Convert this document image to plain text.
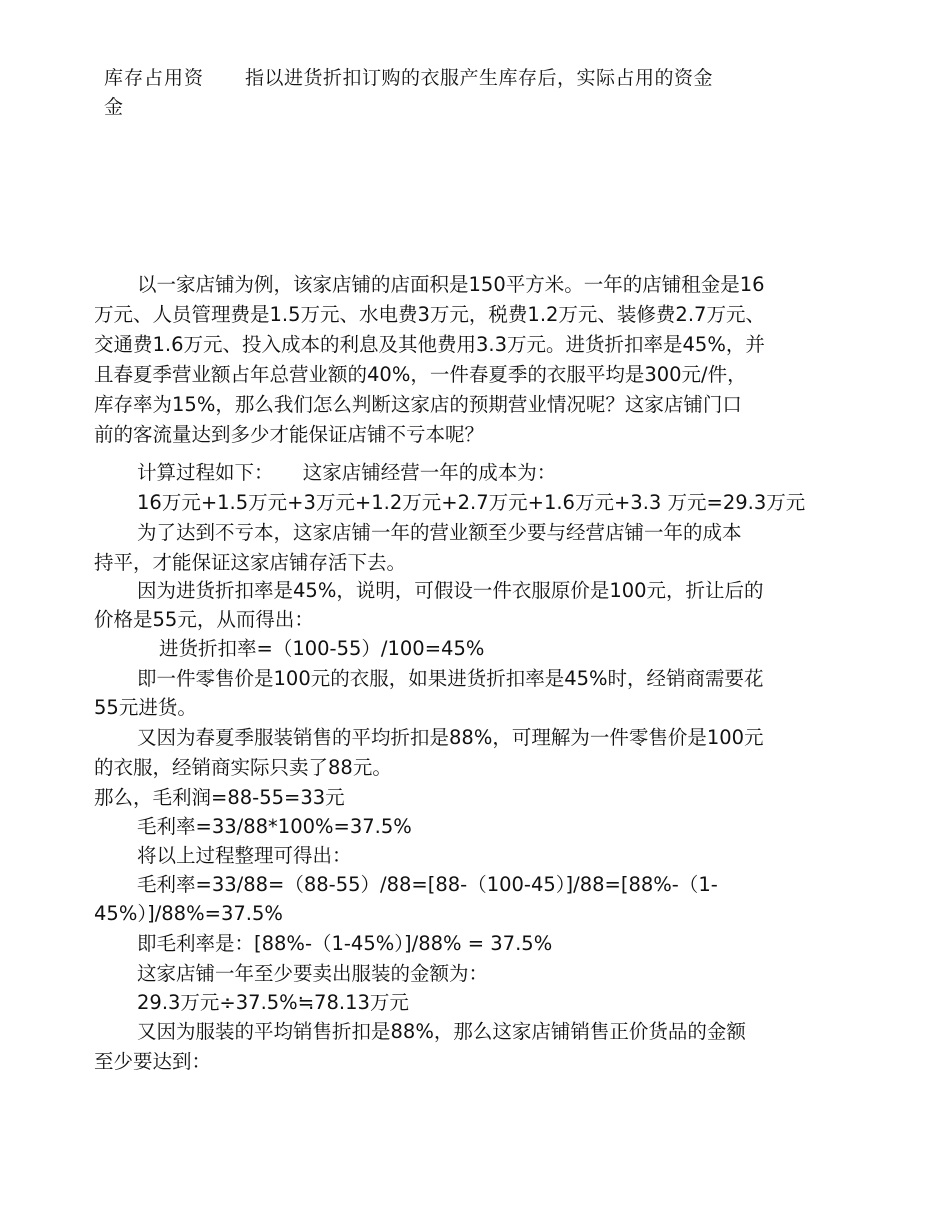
库存占用资金
指以进货折扣订购的衣服产生库存后，实际占用的资金
以一家店铺为例，该家店铺的店面积是150平方米。一年的店铺租金是16
万元、人员管理费是1.5万元、水电费3万元，税费1.2万元、装修费2.7万元、
交通费1.6万元、投入成本的利息及其他费用3.3万元。进货折扣率是45%，并
且春夏季营业额占年总营业额的40%，一件春夏季的衣服平均是300元/件，
库存率为15%，那么我们怎么判断这家店的预期营业情况呢？这家店铺门口
前的客流量达到多少才能保证店铺不亏本呢？
计算过程如下：　　这家店铺经营一年的成本为：
16万元+1.5万元+3万元+1.2万元+2.7万元+1.6万元+3.3 万元=29.3万元
为了达到不亏本，这家店铺一年的营业额至少要与经营店铺一年的成本
持平，才能保证这家店铺存活下去。
因为进货折扣率是45%，说明，可假设一件衣服原价是100元，折让后的
价格是55元，从而得出：
进货折扣率=（100-55）/100=45%
即一件零售价是100元的衣服，如果进货折扣率是45%时，经销商需要花
55元进货。
又因为春夏季服装销售的平均折扣是88%，可理解为一件零售价是100元
的衣服，经销商实际只卖了88元。
那么，毛利润=88-55=33元
毛利率=33/88*100%=37.5%
将以上过程整理可得出：
毛利率=33/88=（88-55）/88=[88-（100-45）]/88=[88%-（1-
45%）]/88%=37.5%
即毛利率是：[88%-（1-45%）]/88% = 37.5%
这家店铺一年至少要卖出服装的金额为：
29.3万元÷37.5%≒78.13万元
又因为服装的平均销售折扣是88%，那么这家店铺销售正价货品的金额
至少要达到：
